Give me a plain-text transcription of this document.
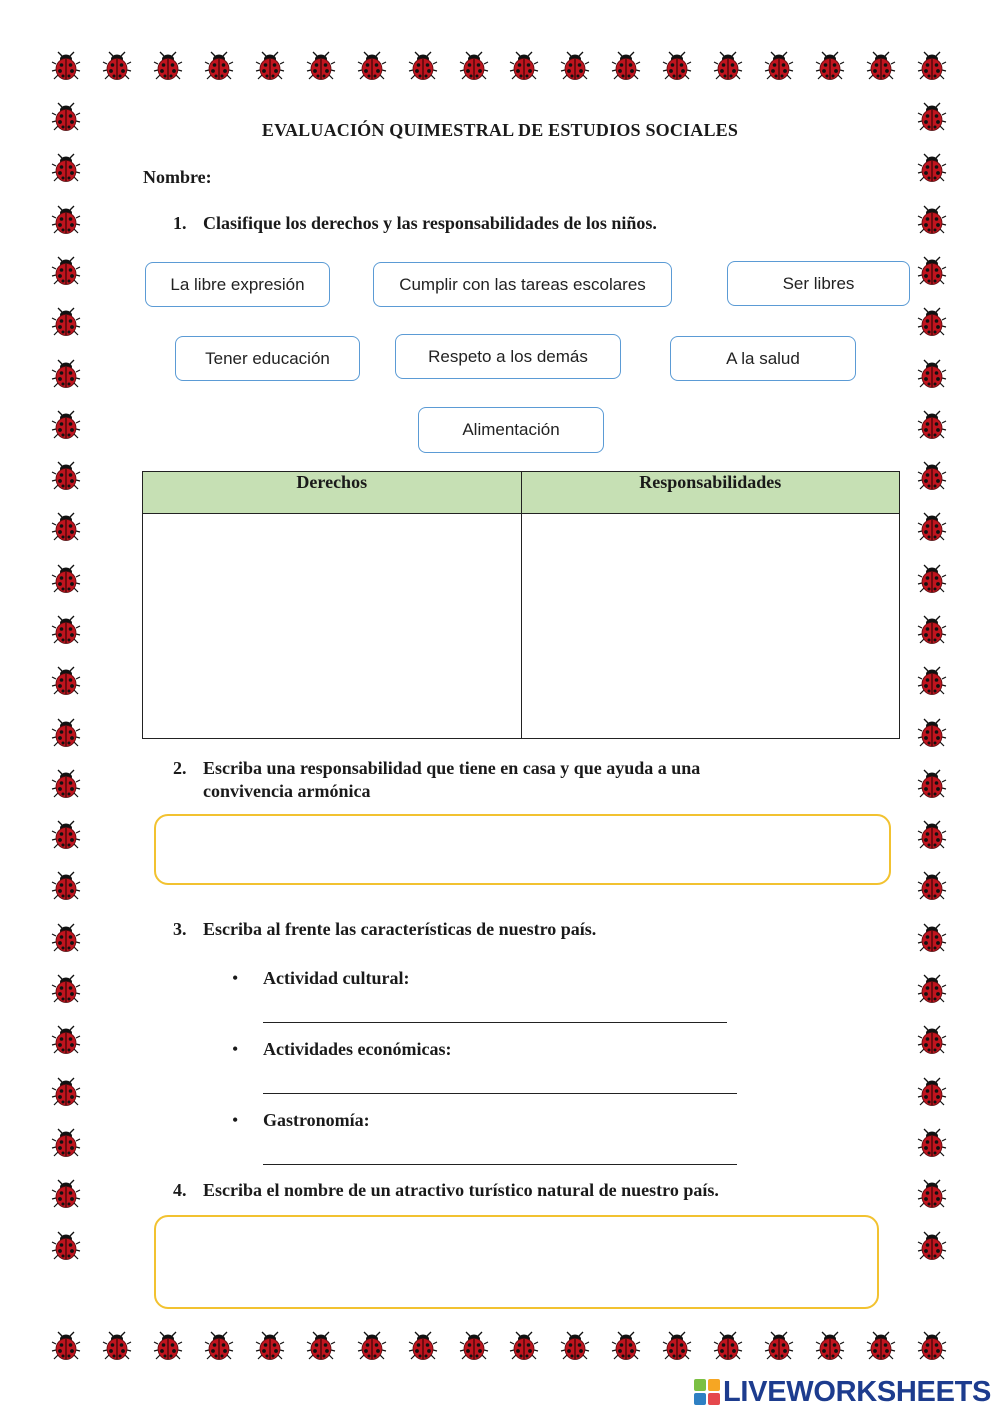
EVALUACIÓN QUIMESTRAL DE ESTUDIOS SOCIALES
Nombre:
1. Clasifique los derechos y las responsabilidades de los niños.
La libre expresión	Cumplir con las tareas escolares	Ser libres
Tener educación	Respeto a los demás	A la salud
Alimentación
Derechos	Responsabilidades

2. Escriba una responsabilidad que tiene en casa y que ayuda a una
convivencia armónica
3. Escriba al frente las características de nuestro país.
• Actividad cultural:
• Actividades económicas:
• Gastronomía:
4. Escriba el nombre de un atractivo turístico natural de nuestro país.
LIVEWORKSHEETS
